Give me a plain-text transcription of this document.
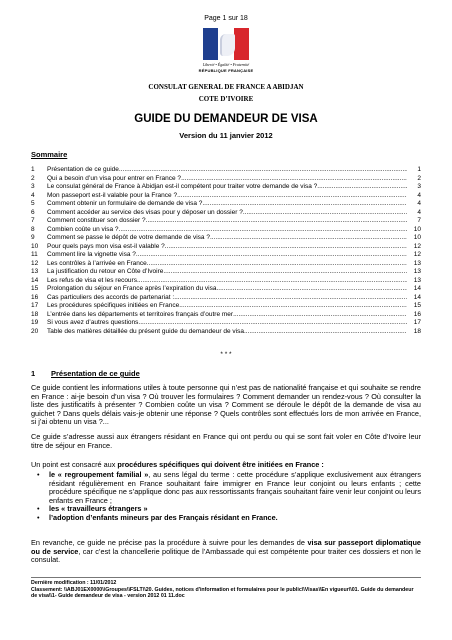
Page 1 sur 18
Liberté • Égalité • Fraternité
RÉPUBLIQUE FRANÇAISE
CONSULAT GENERAL DE FRANCE A ABIDJAN
COTE D’IVOIRE
GUIDE DU DEMANDEUR DE VISA
Version du 11 janvier 2012
Sommaire
1	Présentation de ce guide .....	1
2	Qui a besoin d’un visa pour entrer en France ? .....	2
3	Le consulat général de France à Abidjan est-il compétent pour traiter votre demande de visa ? .....	3
4	Mon passeport est-il valable pour la France ? .....	4
5	Comment obtenir un formulaire de demande de visa ? .....	4
6	Comment accéder au service des visas pour y déposer un dossier ? .....	4
7	Comment constituer son dossier ? .....	7
8	Combien coûte un visa ? .....	10
9	Comment se passe le dépôt de votre demande de visa ? .....	10
10	Pour quels pays mon visa est-il valable ? .....	12
11	Comment lire la vignette visa ? .....	12
12	Les contrôles à l’arrivée en France .....	13
13	La justification du retour en Côte d’Ivoire .....	13
14	Les refus de visa et les recours .....	13
15	Prolongation du séjour en France après l’expiration du visa .....	14
16	Cas particuliers des accords de partenariat : .....	14
17	Les procédures spécifiques initiées en France .....	15
18	L’entrée dans les départements et territoires français d’outre mer .....	16
19	Si vous avez d’autres questions .....	17
20	Table des matières détaillée du présent guide du demandeur de visa .....	18
* * *
1 Présentation de ce guide
Ce guide contient les informations utiles à toute personne qui n’est pas de nationalité française et qui souhaite se rendre en France : ai-je besoin d’un visa ? Où trouver les formulaires ? Comment demander un rendez-vous ? Où consulter la liste des justificatifs à présenter ? Combien coûte un visa ? Comment se déroule le dépôt de la demande de visa au guichet ? Dans quels délais vais-je obtenir une réponse ? Quels contrôles sont effectués lors de mon arrivée en France, si j’ai obtenu un visa ?...
Ce guide s’adresse aussi aux étrangers résidant en France qui ont perdu ou qui se sont fait voler en Côte d’Ivoire leur titre de séjour en France.
Un point est consacré aux procédures spécifiques qui doivent être initiées en France :
• le « regroupement familial », au sens légal du terme : cette procédure s’applique exclusivement aux étrangers résidant régulièrement en France souhaitant faire immigrer en France leur conjoint ou leurs enfants ; cette procédure spécifique ne s’applique donc pas aux ressortissants français souhaitant faire venir leur conjoint ou leurs enfants en France ;
• les « travailleurs étrangers »
• l’adoption d’enfants mineurs par des Français résidant en France.
En revanche, ce guide ne précise pas la procédure à suivre pour les demandes de visa sur passeport diplomatique ou de service, car c’est la chancellerie politique de l’Ambassade qui est compétente pour traiter ces dossiers et non le consulat.
Dernière modification : 11/01/2012
Classement: \\ABJ01EX0000\\Groupes\\FSLT\\20. Guides, notices d'information et formulaires pour le public\\Visas\\En vigueur\\01. Guide du demandeur de visa\\1- Guide demandeur de visa - version 2012 01 11.doc
